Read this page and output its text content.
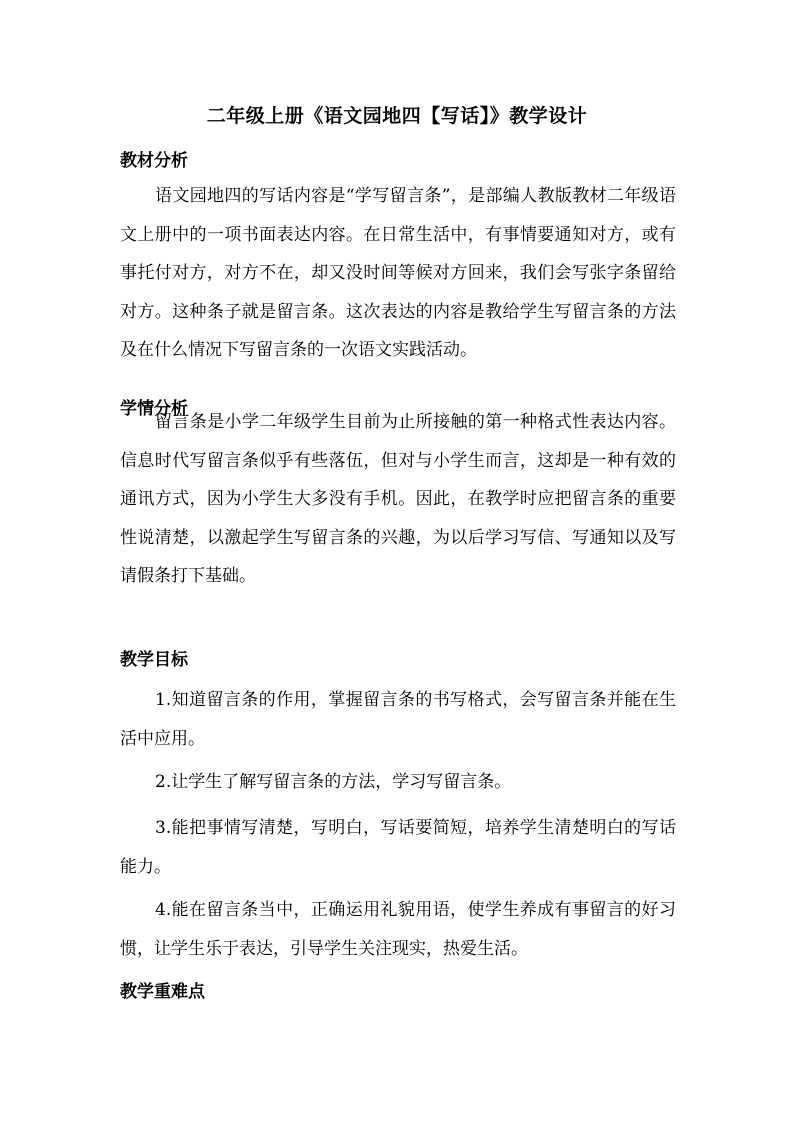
二年级上册《语文园地四【写话】》教学设计
教材分析

语文园地四的写话内容是“学写留言条”，是部编人教版教材二年级语文上册中的一项书面表达内容。在日常生活中，有事情要通知对方，或有事托付对方，对方不在，却又没时间等候对方回来，我们会写张字条留给对方。这种条子就是留言条。这次表达的内容是教给学生写留言条的方法及在什么情况下写留言条的一次语文实践活动。

学情分析

留言条是小学二年级学生目前为止所接触的第一种格式性表达内容。信息时代写留言条似乎有些落伍，但对与小学生而言，这却是一种有效的通讯方式，因为小学生大多没有手机。因此，在教学时应把留言条的重要性说清楚，以激起学生写留言条的兴趣，为以后学习写信、写通知以及写请假条打下基础。

教学目标

1.知道留言条的作用，掌握留言条的书写格式，会写留言条并能在生活中应用。

2.让学生了解写留言条的方法，学习写留言条。

3.能把事情写清楚，写明白，写话要简短，培养学生清楚明白的写话能力。

4.能在留言条当中，正确运用礼貌用语，使学生养成有事留言的好习惯，让学生乐于表达，引导学生关注现实，热爱生活。

教学重难点
